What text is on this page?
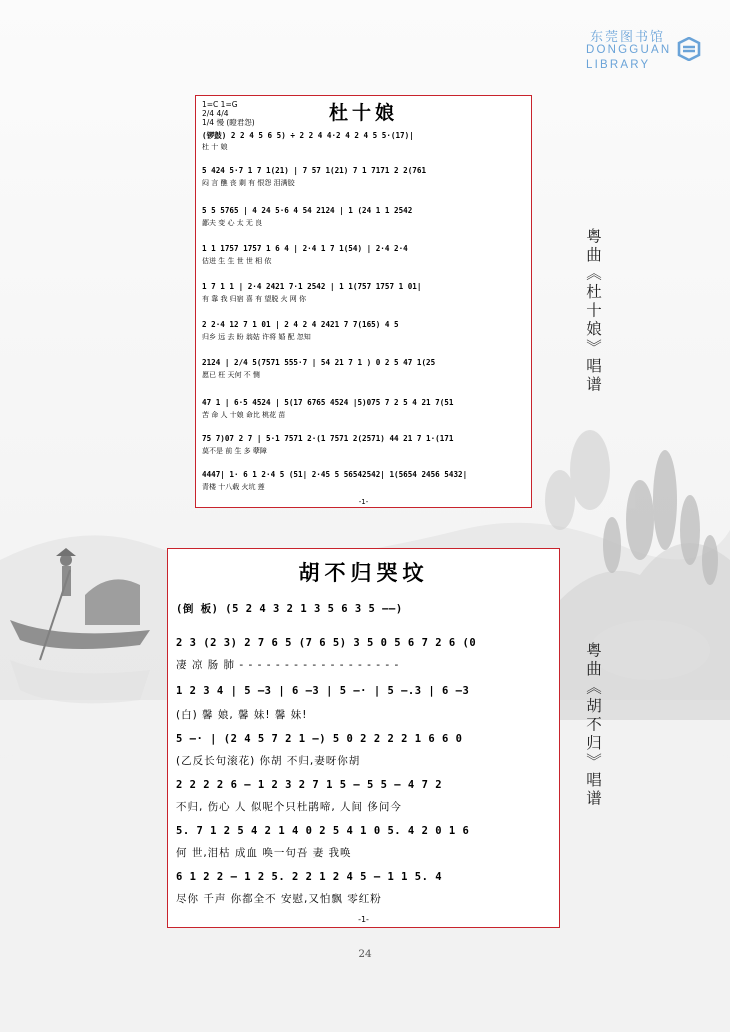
东莞图书馆
DONGGUAN
LIBRARY
1=C 1=G
2/4 4/4
1/4 慢 (瞪君怨)	杜十娘
(锣鼓) 2 2 4 5 6 5) ÷ 2 2 4 4·2 4 2 4 5 5·(17)|
杜 十 娘
5 424 5·7 1 7 1(21) | 7 57 1(21) 7 1 7171 2 2(761
闷 言 醮 丧 剩 有 恨怨 泪满胶
5 5 5765 | 4 24 5·6 4 54 2124 | 1 (24 1 1 2542
鄙夫 变 心 太 无 良
1 1 1757 1757 1 6 4 | 2·4 1 7 1(54) | 2·4 2·4
估迸 生 生 世 世 相 依
1 7 1 1 | 2·4 2421 7·1 2542 | 1 1(757 1757 1 01|
有 靠 我 归宿 喜 有 望脱 火 网 你
2 2·4 12 7 1 01 | 2 4 2 4 2421 7 7(165) 4 5
归乡 远 去 盼 翁姑 许将 婚 配 忽知
2124 | 2/4 5(7571 555·7 | 54 21 7 1 ) 0 2 5 47 1(25
愿已 枉 天何 不 恻
47 1 | 6·5 4524 | 5(17 6765 4524 |5)075 7 2 5 4 21 7(51
苦 命 人 十娘 命比 桃花 苗
75 7)07 2 7 | 5·1 7571 2·(1 7571 2(2571) 44 21 7 1·(171
莫不是 前 生 多 孽障
4447| 1· 6 1 2·4 5 (51| 2·45 5 56542542| 1(5654 2456 5432|
青楼 十八载 火坑 莲
-1-
胡不归哭坟
(倒 板) (5 2 4 3 2 1 3 5 6 3 5 ——)
2 3 (2 3) 2 7 6 5 (7 6 5) 3 5 0 5 6 7 2 6 (0
凄 凉 肠 肺 - - - - - - - - - - - - - - - - - -
1 2 3 4 | 5 —3 | 6 —3 | 5 —· | 5 —.3 | 6 —3
(白) 馨 娘, 馨 妹! 馨 妹!
5 —· | (2 4 5 7 2 1 —) 5 0 2 2 2 2 1 6 6 0
(乙反长句滚花) 你胡 不归,妻呀你胡
2 2 2 2 6 — 1 2 3 2 7 1 5 — 5 5 — 4 7 2
不归, 伤心 人 似呢个只杜鹃啼, 人间 侈问今
5. 7 1 2 5 4 2 1 4 0 2 5 4 1 0 5. 4 2 0 1 6
何 世,泪枯 成血 唤一句吾 妻 我唤
6 1 2 2 — 1 2 5. 2 2 1 2 4 5 — 1 1 5. 4
尽你 千声 你都全不 安慰,又怕飘 零红粉
-1-
粤曲《杜十娘》唱谱
粤曲《胡不归》唱谱
24
